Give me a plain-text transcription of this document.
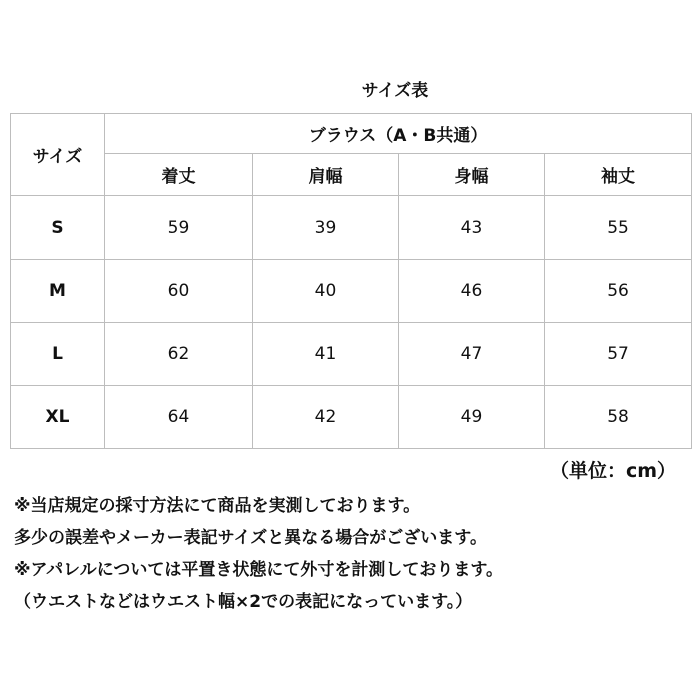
サイズ表
サイズ	ブラウス（A・B共通）			
	着丈	肩幅	身幅	袖丈
S	59	39	43	55
M	60	40	46	56
L	62	41	47	57
XL	64	42	49	58
（単位：cm）
※当店規定の採寸方法にて商品を実測しております。
多少の誤差やメーカー表記サイズと異なる場合がございます。
※アパレルについては平置き状態にて外寸を計測しております。
（ウエストなどはウエスト幅×2での表記になっています。）
